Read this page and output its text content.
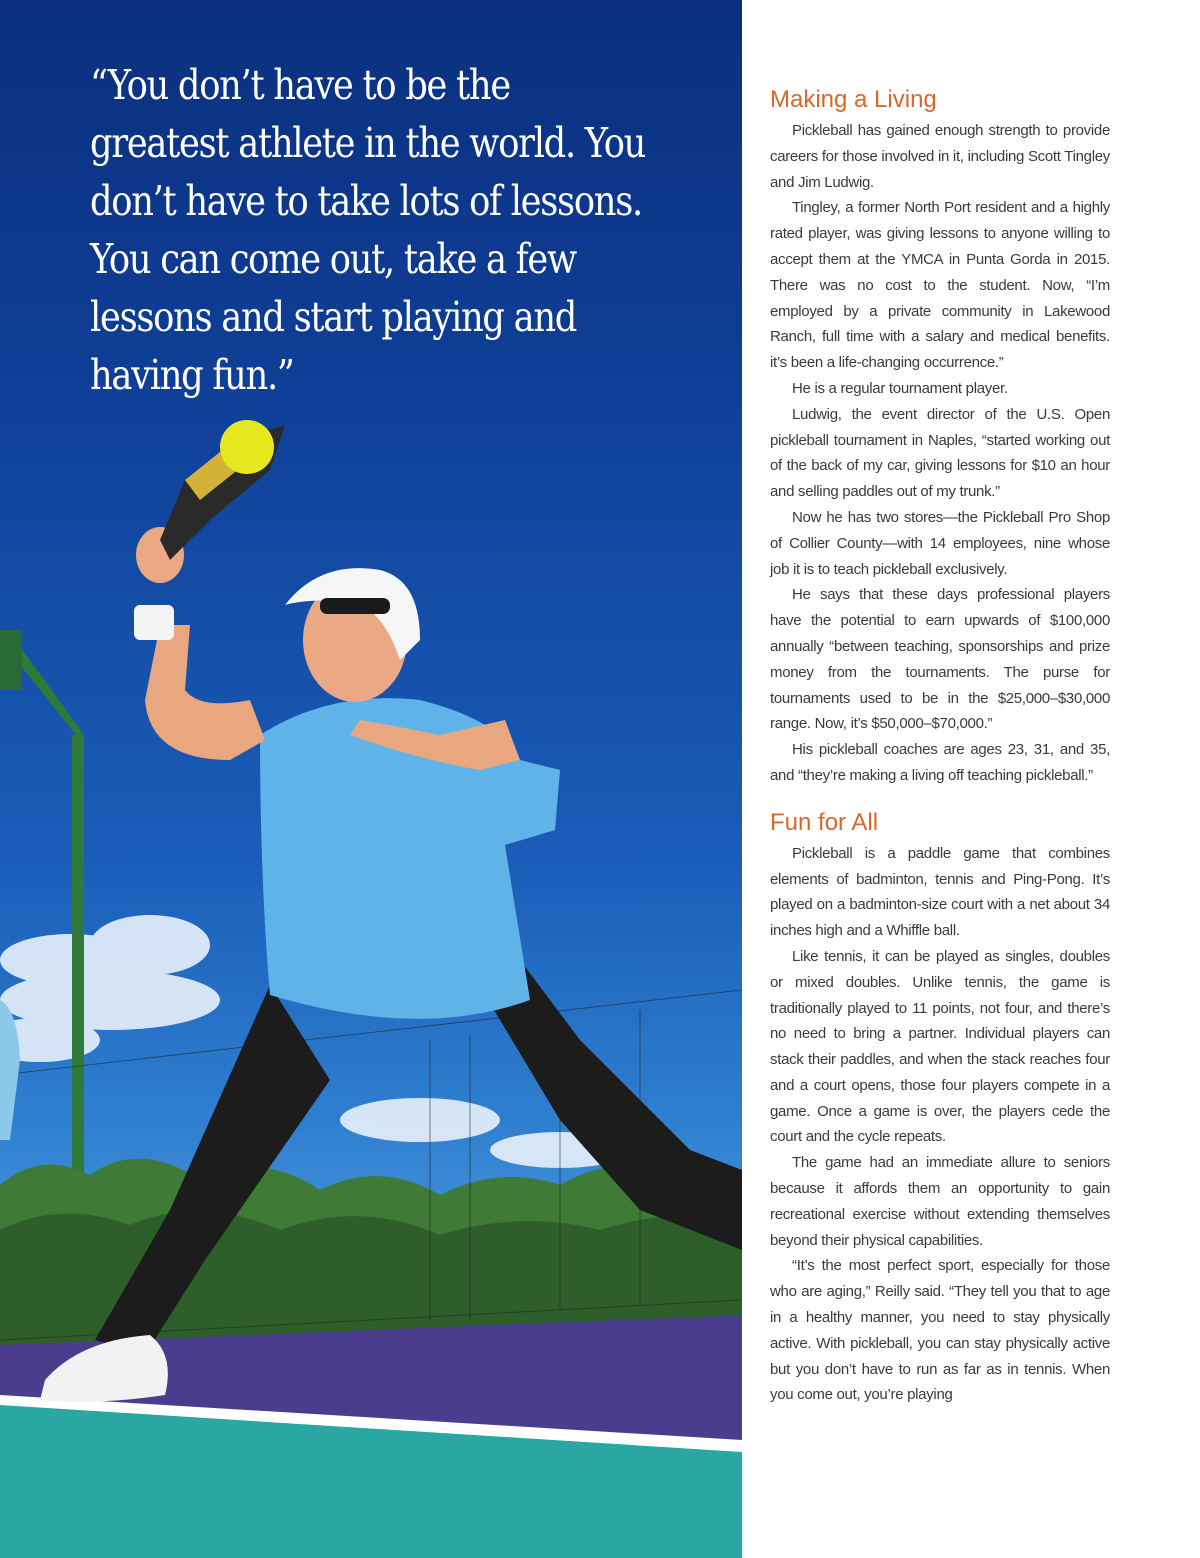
“You don’t have to be the greatest athlete in the world. You don’t have to take lots of lessons. You can come out, take a few lessons and start playing and having fun.”
Making a Living

Pickleball has gained enough strength to provide careers for those involved in it, including Scott Tingley and Jim Ludwig.

Tingley, a former North Port resident and a highly rated player, was giving lessons to anyone willing to accept them at the YMCA in Punta Gorda in 2015. There was no cost to the student. Now, “I’m employed by a private community in Lakewood Ranch, full time with a salary and medical benefits. it’s been a life-changing occurrence.”

He is a regular tournament player.

Ludwig, the event director of the U.S. Open pickleball tournament in Naples, “started working out of the back of my car, giving lessons for $10 an hour and selling paddles out of my trunk.”

Now he has two stores—the Pickleball Pro Shop of Collier County—with 14 employees, nine whose job it is to teach pickleball exclusively.

He says that these days professional players have the potential to earn upwards of $100,000 annually “between teaching, sponsorships and prize money from the tournaments. The purse for tournaments used to be in the $25,000–$30,000 range. Now, it’s $50,000–$70,000.”

His pickleball coaches are ages 23, 31, and 35, and “they’re making a living off teaching pickleball.”

Fun for All

Pickleball is a paddle game that combines elements of badminton, tennis and Ping-Pong. It’s played on a badminton-size court with a net about 34 inches high and a Whiffle ball.

Like tennis, it can be played as singles, doubles or mixed doubles. Unlike tennis, the game is traditionally played to 11 points, not four, and there’s no need to bring a partner. Individual players can stack their paddles, and when the stack reaches four and a court opens, those four players compete in a game. Once a game is over, the players cede the court and the cycle repeats.

The game had an immediate allure to seniors because it affords them an opportunity to gain recreational exercise without extending themselves beyond their physical capabilities.

“It’s the most perfect sport, especially for those who are aging,” Reilly said. “They tell you that to age in a healthy manner, you need to stay physically active. With pickleball, you can stay physically active but you don’t have to run as far as in tennis. When you come out, you’re playing
